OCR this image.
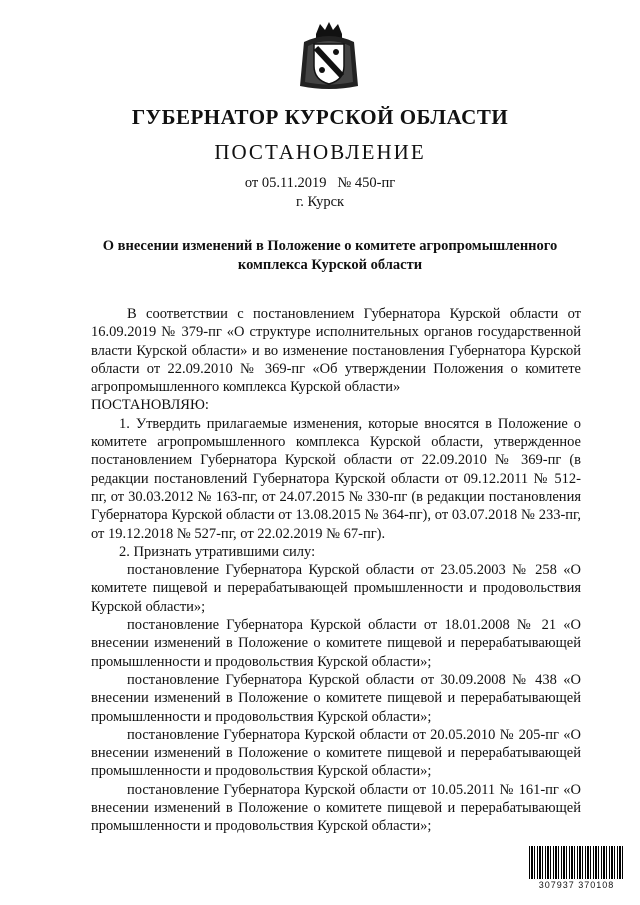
ГУБЕРНАТОР КУРСКОЙ ОБЛАСТИ
ПОСТАНОВЛЕНИЕ
от 05.11.2019   № 450-пг
г. Курск
О внесении изменений в Положение о комитете агропромышленного комплекса Курской области

В соответствии с постановлением Губернатора Курской области от 16.09.2019 № 379-пг «О структуре исполнительных органов государственной власти Курской области» и во изменение постановления Губернатора Курской области от 22.09.2010 № 369-пг «Об утверждении Положения о комитете агропромышленного комплекса Курской области»

ПОСТАНОВЛЯЮ:

1. Утвердить прилагаемые изменения, которые вносятся в Положение о комитете агропромышленного комплекса Курской области, утвержденное постановлением Губернатора Курской области от 22.09.2010 № 369-пг (в редакции постановлений Губернатора Курской области от 09.12.2011 № 512-пг, от 30.03.2012 № 163-пг, от 24.07.2015 № 330-пг (в редакции постановления Губернатора Курской области от 13.08.2015 № 364-пг), от 03.07.2018 № 233-пг, от 19.12.2018 № 527-пг, от 22.02.2019 № 67-пг).

2. Признать утратившими силу:

постановление Губернатора Курской области от 23.05.2003 № 258 «О комитете пищевой и перерабатывающей промышленности и продовольствия Курской области»;

постановление Губернатора Курской области от 18.01.2008 № 21 «О внесении изменений в Положение о комитете пищевой и перерабатывающей промышленности и продовольствия Курской области»;

постановление Губернатора Курской области от 30.09.2008 № 438 «О внесении изменений в Положение о комитете пищевой и перерабатывающей промышленности и продовольствия Курской области»;

постановление Губернатора Курской области от 20.05.2010 № 205-пг «О внесении изменений в Положение о комитете пищевой и перерабатывающей промышленности и продовольствия Курской области»;

постановление Губернатора Курской области от 10.05.2011 № 161-пг «О внесении изменений в Положение о комитете пищевой и перерабатывающей промышленности и продовольствия Курской области»;

307937 370108
